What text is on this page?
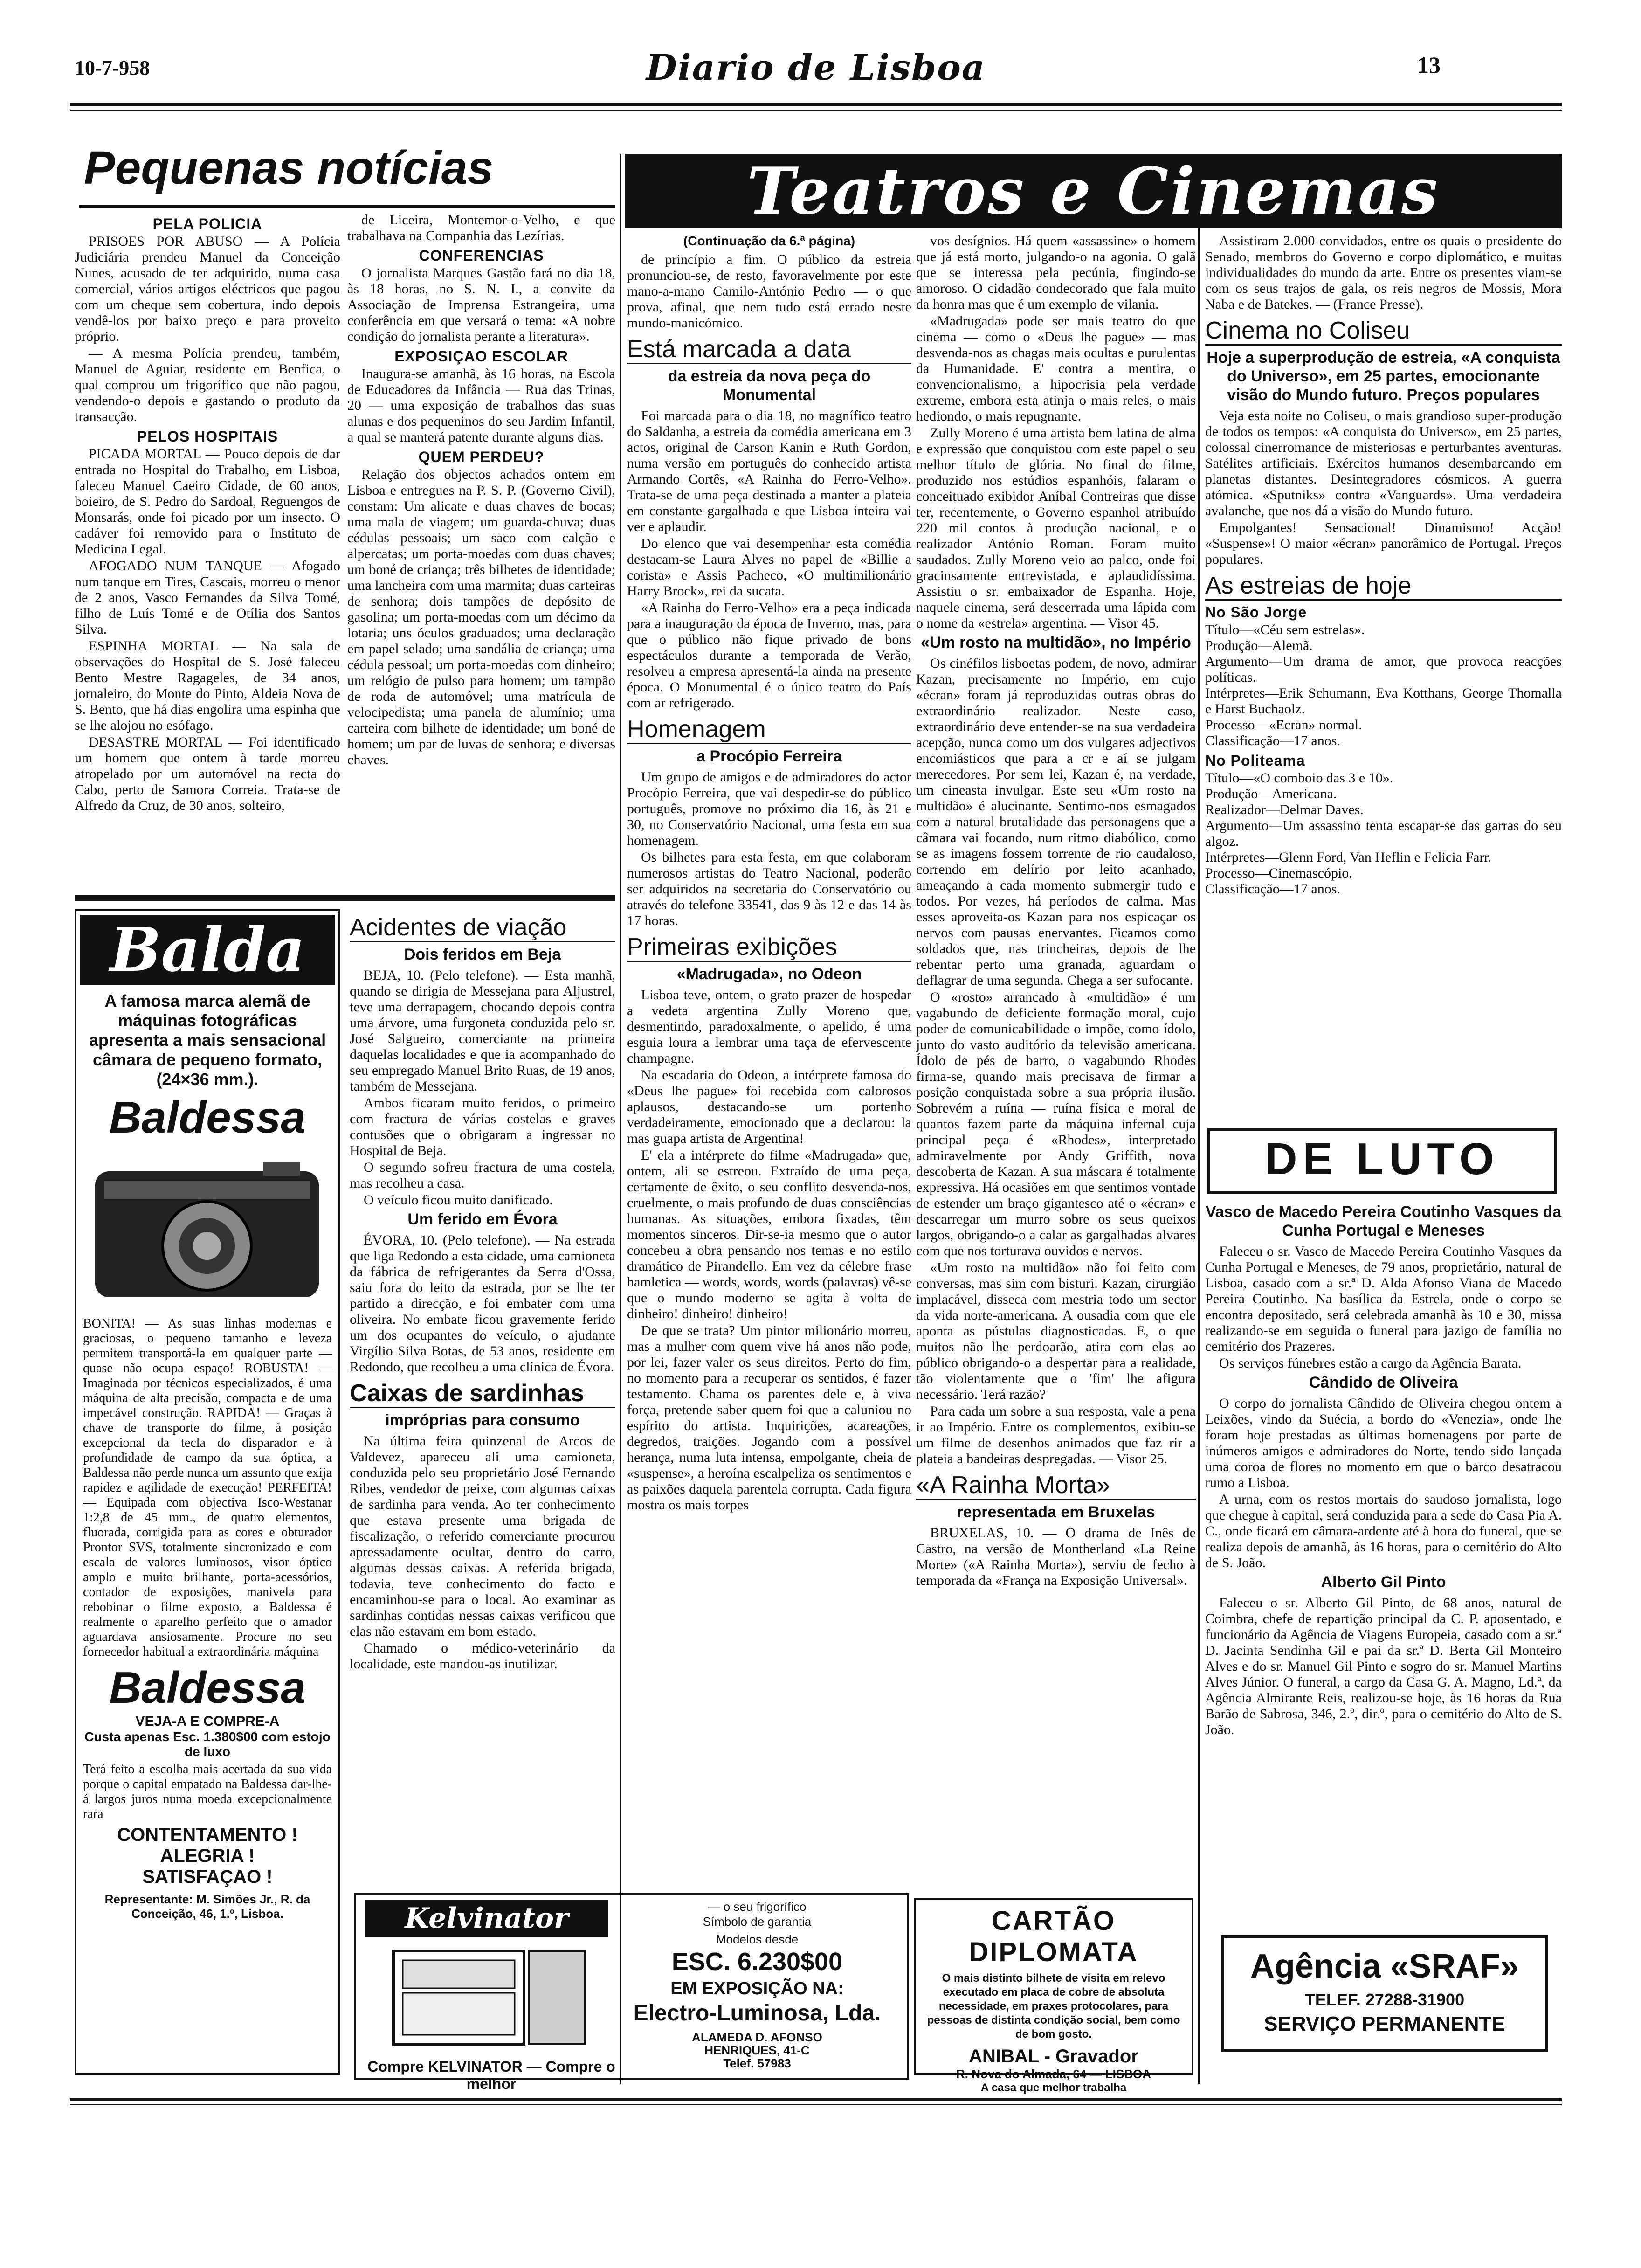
10-7-958	Diario de Lisboa	13
Pequenas notícias
PELA POLICIA

PRISOES POR ABUSO — A Polícia Judiciária prendeu Manuel da Conceição Nunes, acusado de ter adquirido, numa casa comercial, vários artigos eléctricos que pagou com um cheque sem cobertura, indo depois vendê-los por baixo preço e para proveito próprio.

— A mesma Polícia prendeu, também, Manuel de Aguiar, residente em Benfica, o qual comprou um frigorífico que não pagou, vendendo-o depois e gastando o produto da transacção.

PELOS HOSPITAIS

PICADA MORTAL — Pouco depois de dar entrada no Hospital do Trabalho, em Lisboa, faleceu Manuel Caeiro Cidade, de 60 anos, boieiro, de S. Pedro do Sardoal, Reguengos de Monsarás, onde foi picado por um insecto. O cadáver foi removido para o Instituto de Medicina Legal.

AFOGADO NUM TANQUE — Afogado num tanque em Tires, Cascais, morreu o menor de 2 anos, Vasco Fernandes da Silva Tomé, filho de Luís Tomé e de Otília dos Santos Silva.

ESPINHA MORTAL — Na sala de observações do Hospital de S. José faleceu Bento Mestre Ragageles, de 34 anos, jornaleiro, do Monte do Pinto, Aldeia Nova de S. Bento, que há dias engolira uma espinha que se lhe alojou no esófago.

DESASTRE MORTAL — Foi identificado um homem que ontem à tarde morreu atropelado por um automóvel na recta do Cabo, perto de Samora Correia. Trata-se de Alfredo da Cruz, de 30 anos, solteiro,

de Liceira, Montemor-o-Velho, e que trabalhava na Companhia das Lezírias.

CONFERENCIAS

O jornalista Marques Gastão fará no dia 18, às 18 horas, no S. N. I., a convite da Associação de Imprensa Estrangeira, uma conferência em que versará o tema: «A nobre condição do jornalista perante a literatura».

EXPOSIÇAO ESCOLAR

Inaugura-se amanhã, às 16 horas, na Escola de Educadores da Infância — Rua das Trinas, 20 — uma exposição de trabalhos das suas alunas e dos pequeninos do seu Jardim Infantil, a qual se manterá patente durante alguns dias.

QUEM PERDEU?

Relação dos objectos achados ontem em Lisboa e entregues na P. S. P. (Governo Civil), constam: Um alicate e duas chaves de bocas; uma mala de viagem; um guarda-chuva; duas cédulas pessoais; um saco com calção e alpercatas; um porta-moedas com duas chaves; um boné de criança; três bilhetes de identidade; uma lancheira com uma marmita; duas carteiras de senhora; dois tampões de depósito de gasolina; um porta-moedas com um décimo da lotaria; uns óculos graduados; uma declaração em papel selado; uma sandália de criança; uma cédula pessoal; um porta-moedas com dinheiro; um relógio de pulso para homem; um tampão de roda de automóvel; uma matrícula de velocipedista; uma panela de alumínio; uma carteira com bilhete de identidade; um boné de homem; um par de luvas de senhora; e diversas chaves.

Balda
A famosa marca alemã de máquinas fotográficas apresenta a mais sensacional câmara de pequeno formato, (24×36 mm.).
Baldessa
BONITA! — As suas linhas modernas e graciosas, o pequeno tamanho e leveza permitem transportá-la em qualquer parte — quase não ocupa espaço! ROBUSTA! — Imaginada por técnicos especializados, é uma máquina de alta precisão, compacta e de uma impecável construção. RAPIDA! — Graças à chave de transporte do filme, à posição excepcional da tecla do disparador e à profundidade de campo da sua óptica, a Baldessa não perde nunca um assunto que exija rapidez e agilidade de execução! PERFEITA! — Equipada com objectiva Isco-Westanar 1:2,8 de 45 mm., de quatro elementos, fluorada, corrigida para as cores e obturador Prontor SVS, totalmente sincronizado e com escala de valores luminosos, visor óptico amplo e muito brilhante, porta-acessórios, contador de exposições, manivela para rebobinar o filme exposto, a Baldessa é realmente o aparelho perfeito que o amador aguardava ansiosamente. Procure no seu fornecedor habitual a extraordinária máquina
Baldessa
VEJA-A E COMPRE-A
Custa apenas Esc. 1.380$00 com estojo de luxo
Terá feito a escolha mais acertada da sua vida porque o capital empatado na Baldessa dar-lhe-á largos juros numa moeda excepcionalmente rara
CONTENTAMENTO !
ALEGRIA !
SATISFAÇAO !
Representante: M. Simões Jr., R. da Conceição, 46, 1.º, Lisboa.
Acidentes de viação
Dois feridos em Beja

BEJA, 10. (Pelo telefone). — Esta manhã, quando se dirigia de Messejana para Aljustrel, teve uma derrapagem, chocando depois contra uma árvore, uma furgoneta conduzida pelo sr. José Salgueiro, comerciante na primeira daquelas localidades e que ia acompanhado do seu empregado Manuel Brito Ruas, de 19 anos, também de Messejana.

Ambos ficaram muito feridos, o primeiro com fractura de várias costelas e graves contusões que o obrigaram a ingressar no Hospital de Beja.

O segundo sofreu fractura de uma costela, mas recolheu a casa.

O veículo ficou muito danificado.

Um ferido em Évora

ÉVORA, 10. (Pelo telefone). — Na estrada que liga Redondo a esta cidade, uma camioneta da fábrica de refrigerantes da Serra d'Ossa, saiu fora do leito da estrada, por se lhe ter partido a direcção, e foi embater com uma oliveira. No embate ficou gravemente ferido um dos ocupantes do veículo, o ajudante Virgílio Silva Botas, de 53 anos, residente em Redondo, que recolheu a uma clínica de Évora.

Caixas de sardinhas
impróprias para consumo

Na última feira quinzenal de Arcos de Valdevez, apareceu ali uma camioneta, conduzida pelo seu proprietário José Fernando Ribes, vendedor de peixe, com algumas caixas de sardinha para venda. Ao ter conhecimento que estava presente uma brigada de fiscalização, o referido comerciante procurou apressadamente ocultar, dentro do carro, algumas dessas caixas. A referida brigada, todavia, teve conhecimento do facto e encaminhou-se para o local. Ao examinar as sardinhas contidas nessas caixas verificou que elas não estavam em bom estado.

Chamado o médico-veterinário da localidade, este mandou-as inutilizar.

Kelvinator	— o seu frigorífico
Símbolo de garantia
Modelos desde
ESC. 6.230$00
EM EXPOSIÇÃO NA:
Electro-Luminosa, Lda.
ALAMEDA D. AFONSO
HENRIQUES, 41-C
Telef. 57983
Compre KELVINATOR — Compre o melhor
Teatros e Cinemas
(Continuação da 6.ª página)

de princípio a fim. O público da estreia pronunciou-se, de resto, favoravelmente por este mano-a-mano Camilo-António Pedro — o que prova, afinal, que nem tudo está errado neste mundo-manicómico.

Está marcada a data
da estreia da nova peça do Monumental

Foi marcada para o dia 18, no magnífico teatro do Saldanha, a estreia da comédia americana em 3 actos, original de Carson Kanin e Ruth Gordon, numa versão em português do conhecido artista Armando Cortês, «A Rainha do Ferro-Velho». Trata-se de uma peça destinada a manter a plateia em constante gargalhada e que Lisboa inteira vai ver e aplaudir.

Do elenco que vai desempenhar esta comédia destacam-se Laura Alves no papel de «Billie a corista» e Assis Pacheco, «O multimilionário Harry Brock», rei da sucata.

«A Rainha do Ferro-Velho» era a peça indicada para a inauguração da época de Inverno, mas, para que o público não fique privado de bons espectáculos durante a temporada de Verão, resolveu a empresa apresentá-la ainda na presente época. O Monumental é o único teatro do País com ar refrigerado.

Homenagem
a Procópio Ferreira

Um grupo de amigos e de admiradores do actor Procópio Ferreira, que vai despedir-se do público português, promove no próximo dia 16, às 21 e 30, no Conservatório Nacional, uma festa em sua homenagem.

Os bilhetes para esta festa, em que colaboram numerosos artistas do Teatro Nacional, poderão ser adquiridos na secretaria do Conservatório ou através do telefone 33541, das 9 às 12 e das 14 às 17 horas.

Primeiras exibições
«Madrugada», no Odeon

Lisboa teve, ontem, o grato prazer de hospedar a vedeta argentina Zully Moreno que, desmentindo, paradoxalmente, o apelido, é uma esguia loura a lembrar uma taça de efervescente champagne.

Na escadaria do Odeon, a intérprete famosa do «Deus lhe pague» foi recebida com calorosos aplausos, destacando-se um portenho verdadeiramente, emocionado que a declarou: la mas guapa artista de Argentina!

E' ela a intérprete do filme «Madrugada» que, ontem, ali se estreou. Extraído de uma peça, certamente de êxito, o seu conflito desvenda-nos, cruelmente, o mais profundo de duas consciências humanas. As situações, embora fixadas, têm momentos sinceros. Dir-se-ia mesmo que o autor concebeu a obra pensando nos temas e no estilo dramático de Pirandello. Em vez da célebre frase hamletica — words, words, words (palavras) vê-se que o mundo moderno se agita à volta de dinheiro! dinheiro! dinheiro!

De que se trata? Um pintor milionário morreu, mas a mulher com quem vive há anos não pode, por lei, fazer valer os seus direitos. Perto do fim, no momento para a recuperar os sentidos, é fazer testamento. Chama os parentes dele e, à viva força, pretende saber quem foi que a caluniou no espírito do artista. Inquirições, acareações, degredos, traições. Jogando com a possível herança, numa luta intensa, empolgante, cheia de «suspense», a heroína escalpeliza os sentimentos e as paixões daquela parentela corrupta. Cada figura mostra os mais torpes

vos desígnios. Há quem «assassine» o homem que já está morto, julgando-o na agonia. O galã que se interessa pela pecúnia, fingindo-se amoroso. O cidadão condecorado que fala muito da honra mas que é um exemplo de vilania.

«Madrugada» pode ser mais teatro do que cinema — como o «Deus lhe pague» — mas desvenda-nos as chagas mais ocultas e purulentas da Humanidade. E' contra a mentira, o convencionalismo, a hipocrisia pela verdade extreme, embora esta atinja o mais reles, o mais hediondo, o mais repugnante.

Zully Moreno é uma artista bem latina de alma e expressão que conquistou com este papel o seu melhor título de glória. No final do filme, produzido nos estúdios espanhóis, falaram o conceituado exibidor Aníbal Contreiras que disse ter, recentemente, o Governo espanhol atribuído 220 mil contos à produção nacional, e o realizador António Roman. Foram muito saudados. Zully Moreno veio ao palco, onde foi gracinsamente entrevistada, e aplaudidíssima. Assistiu o sr. embaixador de Espanha. Hoje, naquele cinema, será descerrada uma lápida com o nome da «estrela» argentina. — Visor 45.

«Um rosto na multidão», no Império

Os cinéfilos lisboetas podem, de novo, admirar Kazan, precisamente no Império, em cujo «écran» foram já reproduzidas outras obras do extraordinário realizador. Neste caso, extraordinário deve entender-se na sua verdadeira acepção, nunca como um dos vulgares adjectivos encomiásticos que para a cr e aí se julgam merecedores. Por sem lei, Kazan é, na verdade, um cineasta invulgar. Este seu «Um rosto na multidão» é alucinante. Sentimo-nos esmagados com a natural brutalidade das personagens que a câmara vai focando, num ritmo diabólico, como se as imagens fossem torrente de rio caudaloso, correndo em delírio por leito acanhado, ameaçando a cada momento submergir tudo e todos. Por vezes, há períodos de calma. Mas esses aproveita-os Kazan para nos espicaçar os nervos com pausas enervantes. Ficamos como soldados que, nas trincheiras, depois de lhe rebentar perto uma granada, aguardam o deflagrar de uma segunda. Chega a ser sufocante.

O «rosto» arrancado à «multidão» é um vagabundo de deficiente formação moral, cujo poder de comunicabilidade o impõe, como ídolo, junto do vasto auditório da televisão americana. Ídolo de pés de barro, o vagabundo Rhodes firma-se, quando mais precisava de firmar a posição conquistada sobre a sua própria ilusão. Sobrevém a ruína — ruína física e moral de quantos fazem parte da máquina infernal cuja principal peça é «Rhodes», interpretado admiravelmente por Andy Griffith, nova descoberta de Kazan. A sua máscara é totalmente expressiva. Há ocasiões em que sentimos vontade de estender um braço gigantesco até o «écran» e descarregar um murro sobre os seus queixos largos, obrigando-o a calar as gargalhadas alvares com que nos torturava ouvidos e nervos.

«Um rosto na multidão» não foi feito com conversas, mas sim com bisturi. Kazan, cirurgião implacável, disseca com mestria todo um sector da vida norte-americana. A ousadia com que ele aponta as pústulas diagnosticadas. E, o que muitos não lhe perdoarão, atira com elas ao público obrigando-o a despertar para a realidade, tão violentamente que o 'fim' lhe afigura necessário. Terá razão?

Para cada um sobre a sua resposta, vale a pena ir ao Império. Entre os complementos, exibiu-se um filme de desenhos animados que faz rir a plateia a bandeiras despregadas. — Visor 25.

«A Rainha Morta»
representada em Bruxelas

BRUXELAS, 10. — O drama de Inês de Castro, na versão de Montherland «La Reine Morte» («A Rainha Morta»), serviu de fecho à temporada da «França na Exposição Universal».

Assistiram 2.000 convidados, entre os quais o presidente do Senado, membros do Governo e corpo diplomático, e muitas individualidades do mundo da arte. Entre os presentes viam-se com os seus trajos de gala, os reis negros de Mossis, Mora Naba e de Batekes. — (France Presse).

Cinema no Coliseu
Hoje a superprodução de estreia, «A conquista do Universo», em 25 partes, emocionante visão do Mundo futuro. Preços populares

Veja esta noite no Coliseu, o mais grandioso super-produção de todos os tempos: «A conquista do Universo», em 25 partes, colossal cinerromance de misteriosas e perturbantes aventuras. Satélites artificiais. Exércitos humanos desembarcando em planetas distantes. Desintegradores cósmicos. A guerra atómica. «Sputniks» contra «Vanguards». Uma verdadeira avalanche, que nos dá a visão do Mundo futuro.

Empolgantes! Sensacional! Dinamismo! Acção! «Suspense»! O maior «écran» panorâmico de Portugal. Preços populares.

As estreias de hoje
No São Jorge
Título—«Céu sem estrelas».
Produção—Alemã.
Argumento—Um drama de amor, que provoca reacções políticas.
Intérpretes—Erik Schumann, Eva Kotthans, George Thomalla e Harst Buchaolz.
Processo—«Ecran» normal.
Classificação—17 anos.
No Politeama
Título—«O comboio das 3 e 10».
Produção—Americana.
Realizador—Delmar Daves.
Argumento—Um assassino tenta escapar-se das garras do seu algoz.
Intérpretes—Glenn Ford, Van Heflin e Felicia Farr.
Processo—Cinemascópio.
Classificação—17 anos.
DE LUTO
Vasco de Macedo Pereira Coutinho Vasques da Cunha Portugal e Meneses

Faleceu o sr. Vasco de Macedo Pereira Coutinho Vasques da Cunha Portugal e Meneses, de 79 anos, proprietário, natural de Lisboa, casado com a sr.ª D. Alda Afonso Viana de Macedo Pereira Coutinho. Na basílica da Estrela, onde o corpo se encontra depositado, será celebrada amanhã às 10 e 30, missa realizando-se em seguida o funeral para jazigo de família no cemitério dos Prazeres.

Os serviços fúnebres estão a cargo da Agência Barata.

Cândido de Oliveira

O corpo do jornalista Cândido de Oliveira chegou ontem a Leixões, vindo da Suécia, a bordo do «Venezia», onde lhe foram hoje prestadas as últimas homenagens por parte de inúmeros amigos e admiradores do Norte, tendo sido lançada uma coroa de flores no momento em que o barco desatracou rumo a Lisboa.

A urna, com os restos mortais do saudoso jornalista, logo que chegue à capital, será conduzida para a sede do Casa Pia A. C., onde ficará em câmara-ardente até à hora do funeral, que se realiza depois de amanhã, às 16 horas, para o cemitério do Alto de S. João.

Alberto Gil Pinto

Faleceu o sr. Alberto Gil Pinto, de 68 anos, natural de Coimbra, chefe de repartição principal da C. P. aposentado, e funcionário da Agência de Viagens Europeia, casado com a sr.ª D. Jacinta Sendinha Gil e pai da sr.ª D. Berta Gil Monteiro Alves e do sr. Manuel Gil Pinto e sogro do sr. Manuel Martins Alves Júnior. O funeral, a cargo da Casa G. A. Magno, Ld.ª, da Agência Almirante Reis, realizou-se hoje, às 16 horas da Rua Barão de Sabrosa, 346, 2.º, dir.º, para o cemitério do Alto de S. João.

CARTÃO DIPLOMATA
O mais distinto bilhete de visita em relevo executado em placa de cobre de absoluta necessidade, em praxes protocolares, para pessoas de distinta condição social, bem como de bom gosto.
ANIBAL - Gravador
R. Nova do Almada, 64 — LISBOA
A casa que melhor trabalha
Agência «SRAF»
TELEF. 27288-31900
SERVIÇO PERMANENTE
